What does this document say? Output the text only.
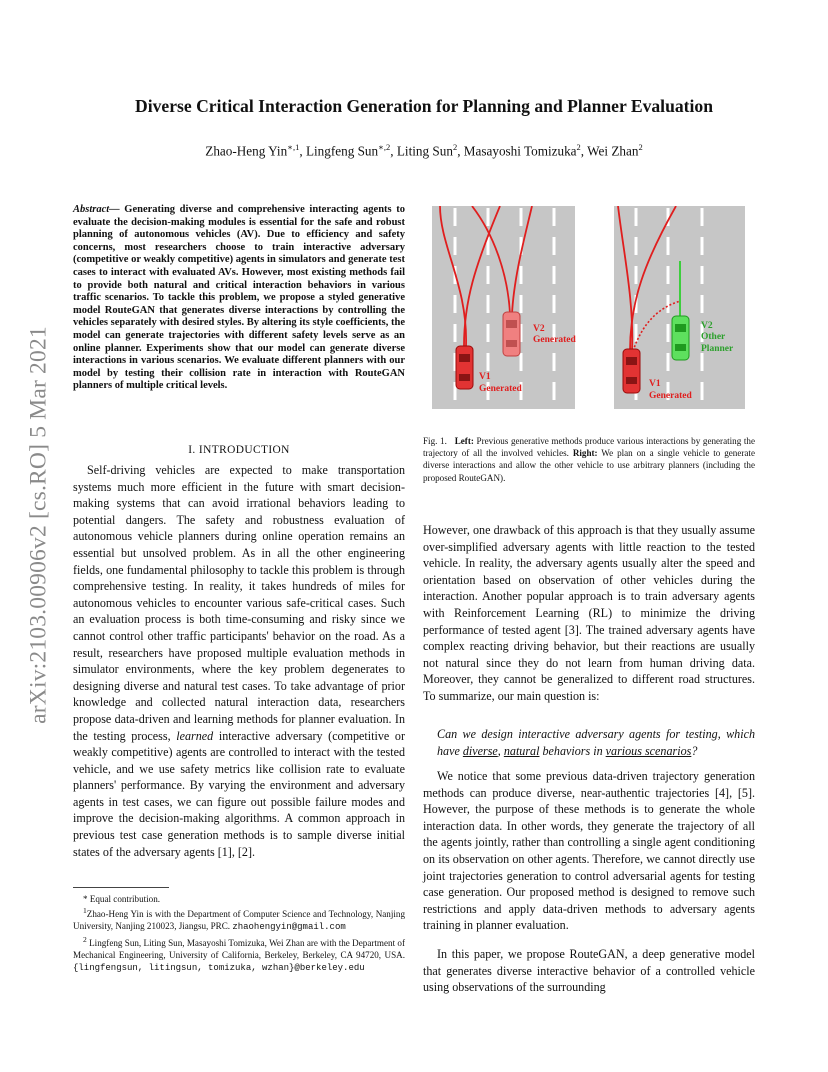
arXiv:2103.00906v2 [cs.RO] 5 Mar 2021
Diverse Critical Interaction Generation for Planning and Planner Evaluation
Zhao-Heng Yin$^{∗,1}$, Lingfeng Sun$^{∗,2}$, Liting Sun$^2$, Masayoshi Tomizuka$^2$, Wei Zhan$^2$
Abstract— Generating diverse and comprehensive interacting agents to evaluate the decision-making modules is essential for the safe and robust planning of autonomous vehicles (AV). Due to efficiency and safety concerns, most researchers choose to train interactive adversary (competitive or weakly competitive) agents in simulators and generate test cases to interact with evaluated AVs. However, most existing methods fail to provide both natural and critical interaction behaviors in various traffic scenarios. To tackle this problem, we propose a styled generative model RouteGAN that generates diverse interactions by controlling the vehicles separately with desired styles. By altering its style coefficients, the model can generate trajectories with different safety levels serve as an online planner. Experiments show that our model can generate diverse interactions in various scenarios. We evaluate different planners with our model by testing their collision rate in interaction with RouteGAN planners of multiple critical levels.
I. INTRODUCTION

Self-driving vehicles are expected to make transportation systems much more efficient in the future with smart decision-making systems that can avoid irrational behaviors leading to potential dangers. The safety and robustness evaluation of autonomous vehicle planners during online operation remains an essential but unsolved problem. As in all the other engineering fields, one fundamental philosophy to tackle this problem is through comprehensive testing. In reality, it takes hundreds of miles for autonomous vehicles to encounter various safe-critical cases. Such an evaluation process is both time-consuming and risky since we cannot control other traffic participants' behavior on the road. As a result, researchers have proposed multiple evaluation methods in simulator environments, where the key problem degenerates to designing diverse and natural test cases. To take advantage of prior knowledge and collected natural interaction data, researchers propose data-driven and learning methods for planner evaluation. In the testing process, learned interactive adversary (competitive or weakly competitive) agents are controlled to interact with the tested vehicle, and we use safety metrics like collision rate to evaluate planners' performance. By varying the environment and adversary agents in test cases, we can figure out possible failure modes and improve the decision-making algorithms. A common approach in previous test case generation methods is to sample diverse initial states of the adversary agents [1], [2].

* Equal contribution.

$^1$Zhao-Heng Yin is with the Department of Computer Science and Technology, Nanjing University, Nanjing 210023, Jiangsu, PRC. zhaohengyin@gmail.com

$^2$ Lingfeng Sun, Liting Sun, Masayoshi Tomizuka, Wei Zhan are with the Department of Mechanical Engineering, University of California, Berkeley, Berkeley, CA 94720, USA. {lingfengsun, litingsun, tomizuka, wzhan}@berkeley.edu

V2
Generated
V1
Generated
V2
Other
Planner
V1
Generated
Fig. 1. Left: Previous generative methods produce various interactions by generating the trajectory of all the involved vehicles. Right: We plan on a single vehicle to generate diverse interactions and allow the other vehicle to use arbitrary planners (including the proposed RouteGAN).

However, one drawback of this approach is that they usually assume over-simplified adversary agents with little reaction to the tested vehicle. In reality, the adversary agents usually alter the speed and orientation based on observation of other vehicles during the interaction. Another popular approach is to train adversary agents with Reinforcement Learning (RL) to minimize the driving performance of tested agent [3]. The trained adversary agents have complex reacting driving behavior, but their reactions are usually not natural since they do not learn from human driving data. Moreover, they cannot be generalized to different road structures. To summarize, our main question is:

Can we design interactive adversary agents for testing, which have diverse, natural behaviors in various scenarios?

We notice that some previous data-driven trajectory generation methods can produce diverse, near-authentic trajectories [4], [5]. However, the purpose of these methods is to generate the whole interaction data. In other words, they generate the trajectory of all the agents jointly, rather than controlling a single agent conditioning on its observation on other agents. Therefore, we cannot directly use joint trajectories generation to control adversarial agents for testing case generation. Our proposed method is designed to remove such restrictions and apply data-driven methods to adversary agents training in planner evaluation.

In this paper, we propose RouteGAN, a deep generative model that generates diverse interactive behavior of a controlled vehicle using observations of the surrounding
